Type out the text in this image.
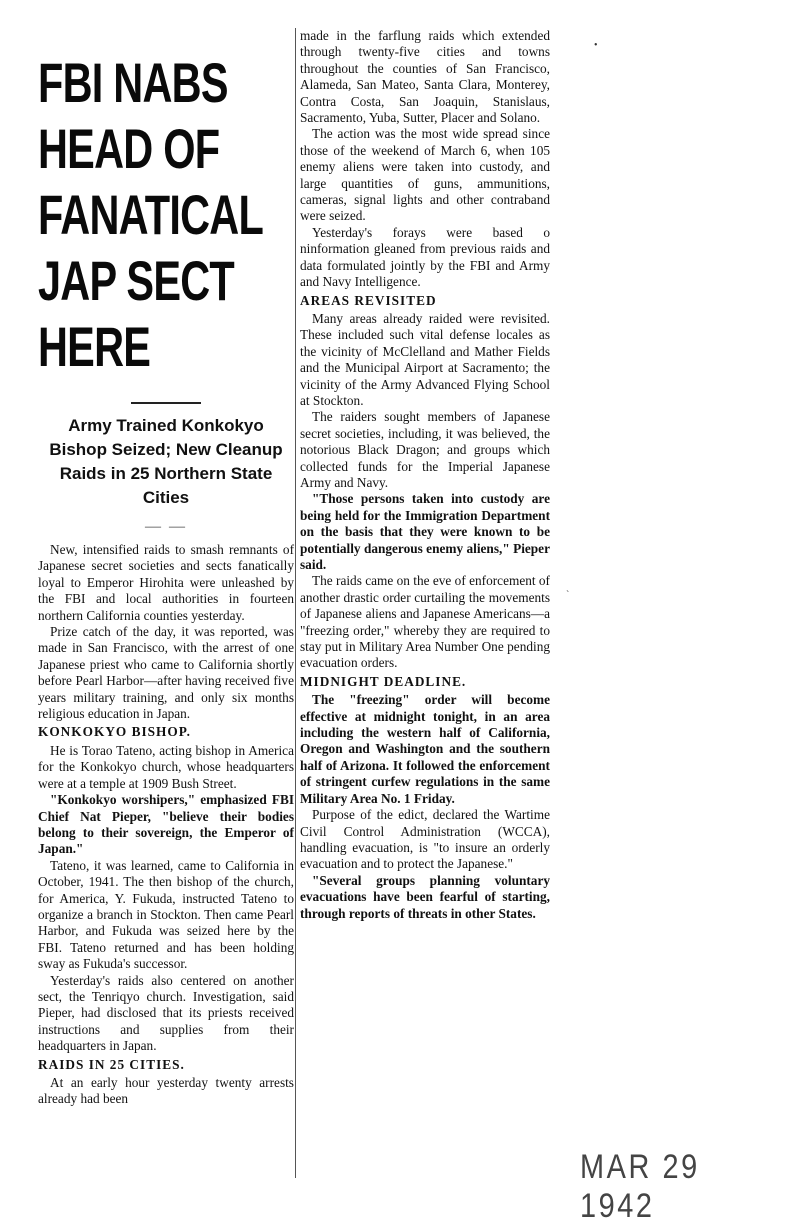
FBI NABS HEAD OF FANATICAL JAP SECT HERE
Army Trained Konkokyo Bishop Seized; New Cleanup Raids in 25 Northern State Cities
— —

New, intensified raids to smash remnants of Japanese secret societies and sects fanatically loyal to Emperor Hirohita were unleashed by the FBI and local authorities in fourteen northern California counties yesterday.

Prize catch of the day, it was reported, was made in San Francisco, with the arrest of one Japanese priest who came to California shortly before Pearl Harbor—after having received five years military training, and only six months religious education in Japan.

KONKOKYO BISHOP.

He is Torao Tateno, acting bishop in America for the Konkokyo church, whose headquarters were at a temple at 1909 Bush Street.

"Konkokyo worshipers," emphasized FBI Chief Nat Pieper, "believe their bodies belong to their sovereign, the Emperor of Japan."

Tateno, it was learned, came to California in October, 1941. The then bishop of the church, for America, Y. Fukuda, instructed Tateno to organize a branch in Stockton. Then came Pearl Harbor, and Fukuda was seized here by the FBI. Tateno returned and has been holding sway as Fukuda's successor.

Yesterday's raids also centered on another sect, the Tenriqyo church. Investigation, said Pieper, had disclosed that its priests received instructions and supplies from their headquarters in Japan.

RAIDS IN 25 CITIES.

At an early hour yesterday twenty arrests already had been

made in the farflung raids which extended through twenty-five cities and towns throughout the counties of San Francisco, Alameda, San Mateo, Santa Clara, Monterey, Contra Costa, San Joaquin, Stanislaus, Sacramento, Yuba, Sutter, Placer and Solano.

The action was the most wide spread since those of the weekend of March 6, when 105 enemy aliens were taken into custody, and large quantities of guns, ammunitions, cameras, signal lights and other contraband were seized.

Yesterday's forays were based o ninformation gleaned from previous raids and data formulated jointly by the FBI and Army and Navy Intelligence.

AREAS REVISITED

Many areas already raided were revisited. These included such vital defense locales as the vicinity of McClelland and Mather Fields and the Municipal Airport at Sacramento; the vicinity of the Army Advanced Flying School at Stockton.

The raiders sought members of Japanese secret societies, including, it was believed, the notorious Black Dragon; and groups which collected funds for the Imperial Japanese Army and Navy.

"Those persons taken into custody are being held for the Immigration Department on the basis that they were known to be potentially dangerous enemy aliens," Pieper said.

The raids came on the eve of enforcement of another drastic order curtailing the movements of Japanese aliens and Japanese Americans—a "freezing order," whereby they are required to stay put in Military Area Number One pending evacuation orders.

MIDNIGHT DEADLINE.

The "freezing" order will become effective at midnight tonight, in an area including the western half of California, Oregon and Washington and the southern half of Arizona. It followed the enforcement of stringent curfew regulations in the same Military Area No. 1 Friday.

Purpose of the edict, declared the Wartime Civil Control Administration (WCCA), handling evacuation, is "to insure an orderly evacuation and to protect the Japanese."

"Several groups planning voluntary evacuations have been fearful of starting, through reports of threats in other States.

•
`
MAR 29 1942
